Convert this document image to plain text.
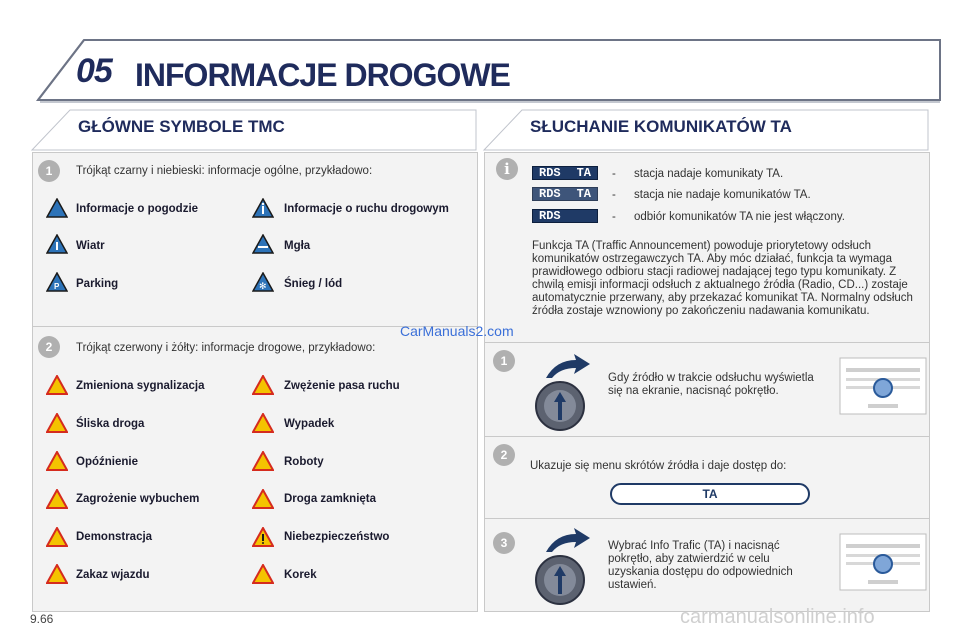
05 INFORMACJE DROGOWE
GŁÓWNE SYMBOLE TMC	SŁUCHANIE KOMUNIKATÓW TA
1	Trójkąt czarny i niebieski: informacje ogólne, przykładowo:
Informacje o pogodzie	Informacje o ruchu drogowym
Wiatr	Mgła
P Parking	✻ Śnieg / lód
2	Trójkąt czerwony i żółty: informacje drogowe, przykładowo:
Zmieniona sygnalizacja	Zwężenie pasa ruchu
Śliska droga	Wypadek
Opóźnienie	Roboty
Zagrożenie wybuchem	Droga zamknięta
Demonstracja	Niebezpieczeństwo
Zakaz wjazdu	Korek
i	RDS TA - stacja nadaje komunikaty TA.
RDS TA - stacja nie nadaje komunikatów TA.
RDS	- odbiór komunikatów TA nie jest włączony.
Funkcja TA (Traffic Announcement) powoduje priorytetowy odsłuch komunikatów ostrzegawczych TA. Aby móc działać, funkcja ta wymaga prawidłowego odbioru stacji radiowej nadającej tego typu komunikaty. Z chwilą emisji informacji odsłuch z aktualnego źródła (Radio, CD...) zostaje automatycznie przerwany, aby przekazać komunikat TA. Normalny odsłuch źródła zostaje wznowiony po zakończeniu nadawania komunikatu.
CarManuals2.com
1
Gdy źródło w trakcie odsłuchu wyświetla się na ekranie, nacisnąć pokrętło.
2
Ukazuje się menu skrótów źródła i daje dostęp do:
TA
3	Wybrać Info Trafic (TA) i nacisnąć pokrętło, aby zatwierdzić w celu uzyskania dostępu do odpowiednich ustawień.
9.66	carmanualsonline.info
